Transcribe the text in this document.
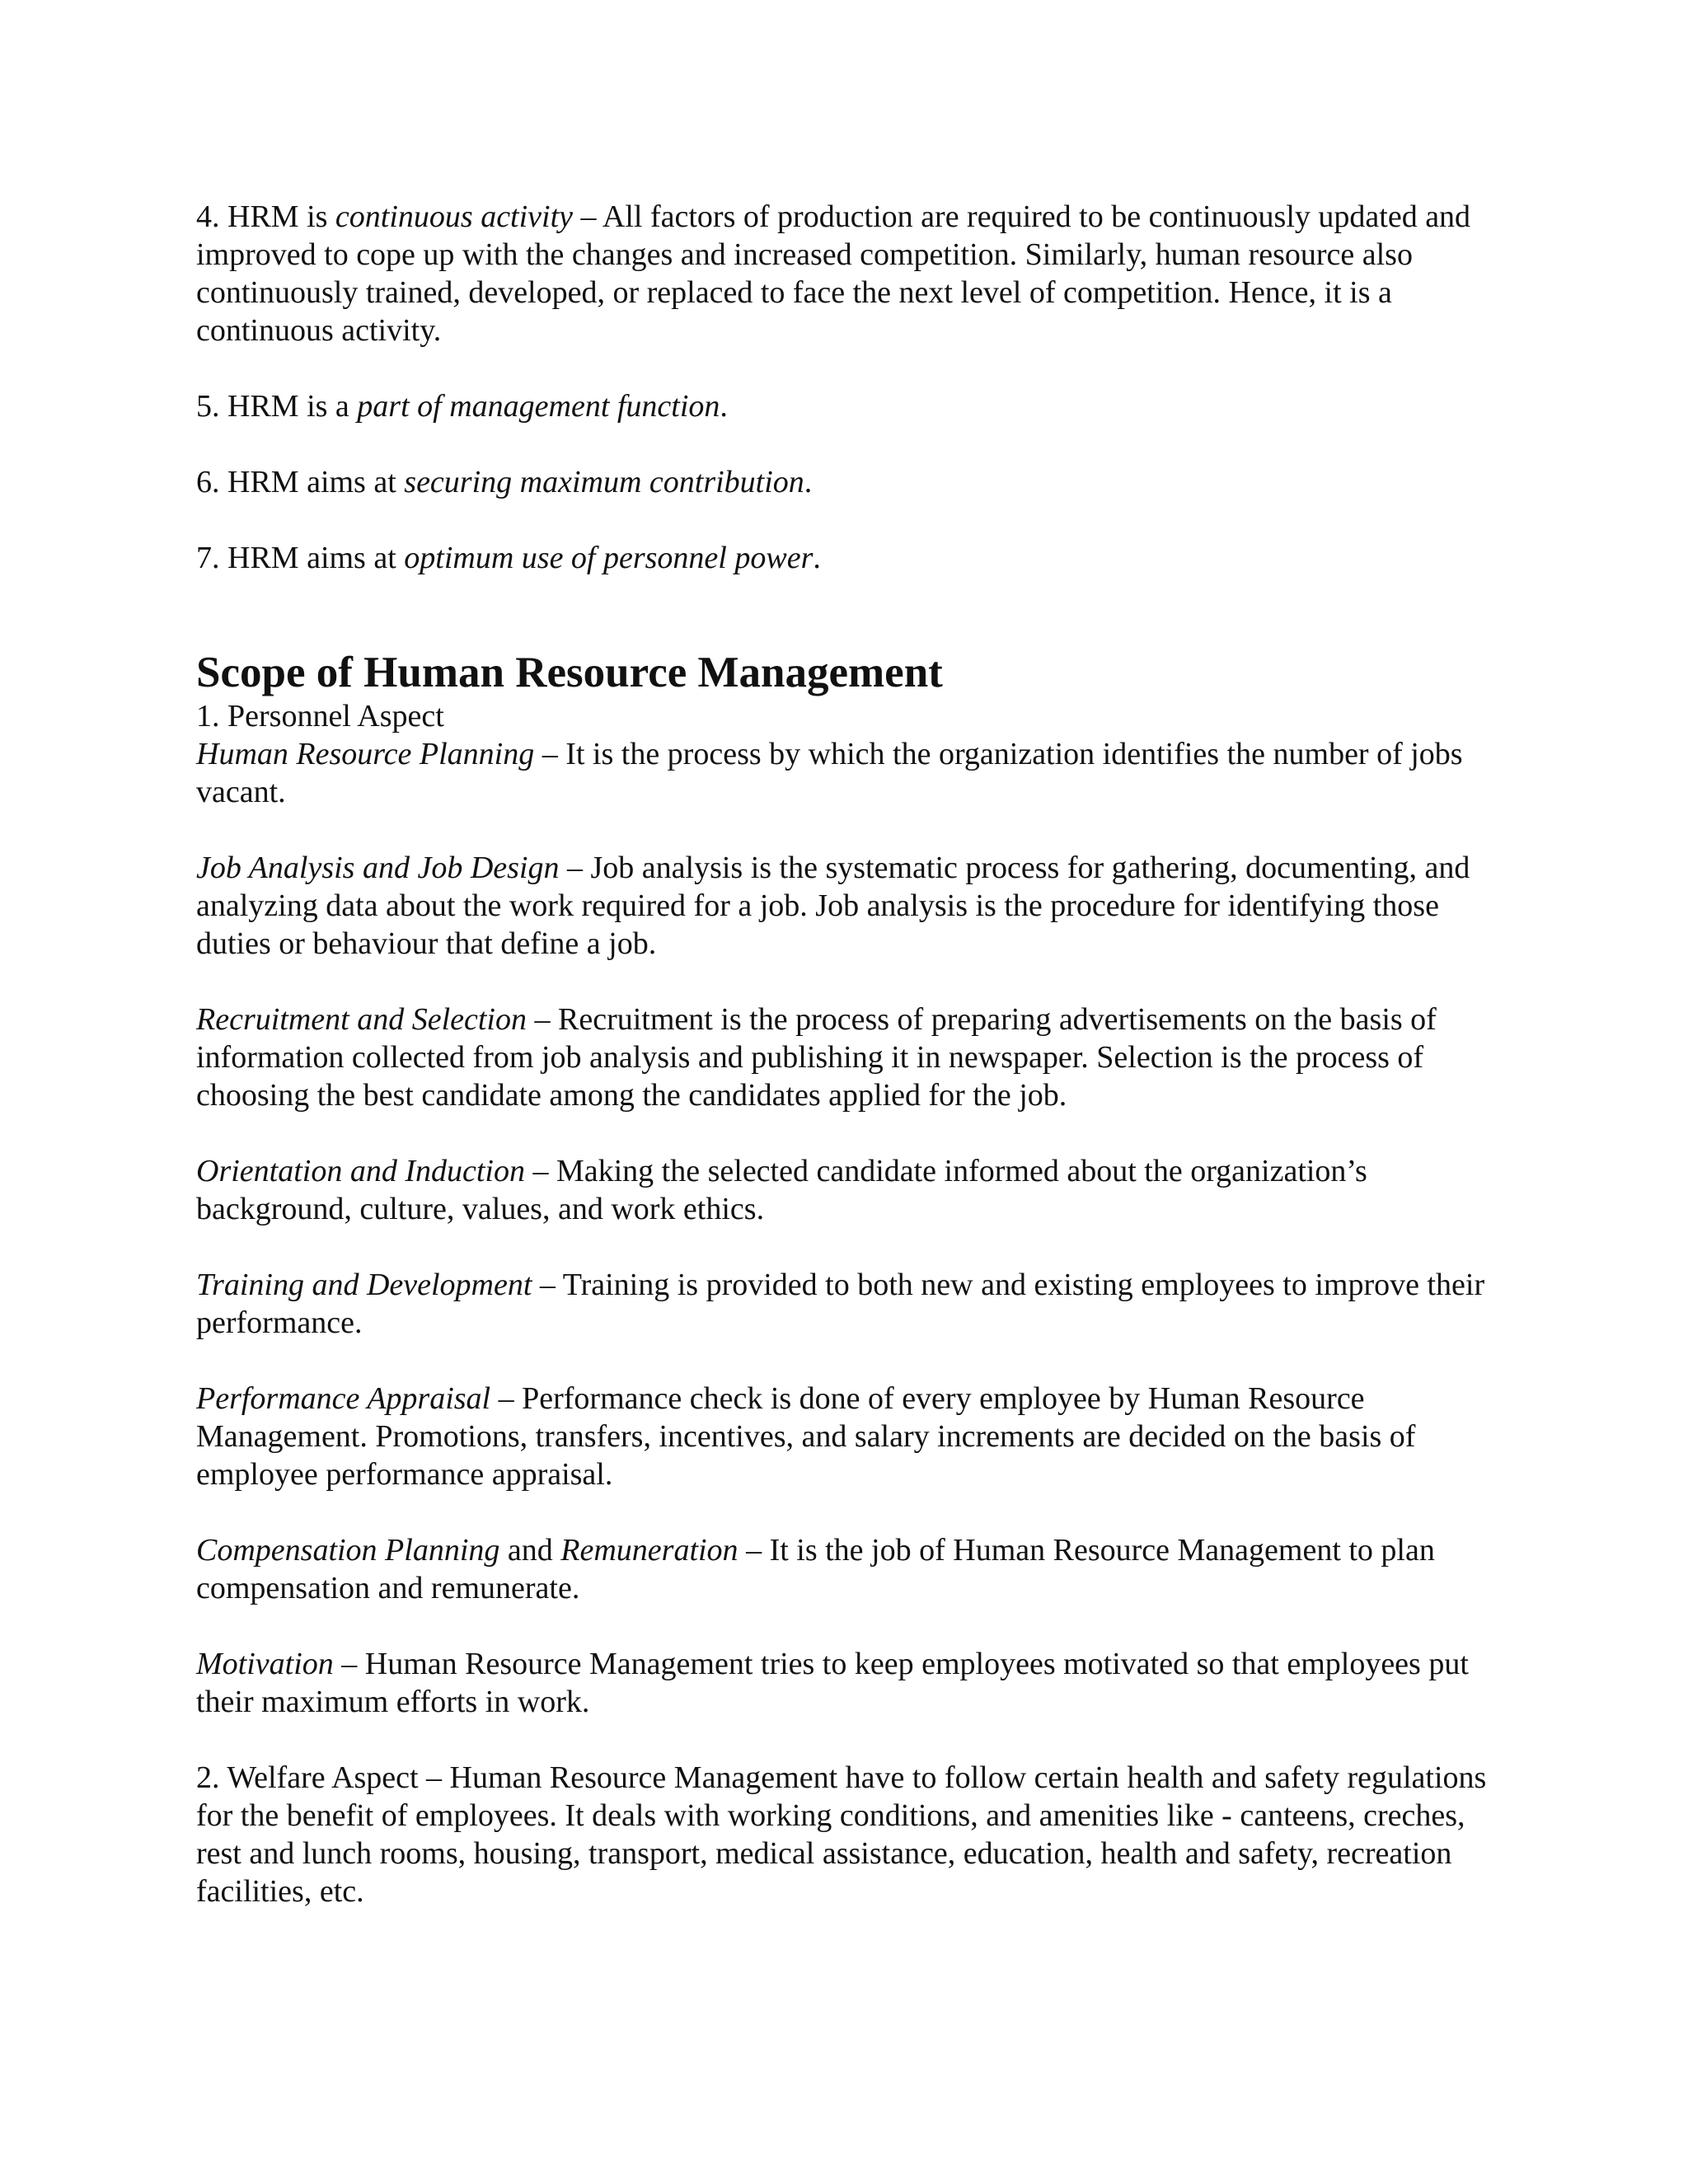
4. HRM is continuous activity – All factors of production are required to be continuously updated and improved to cope up with the changes and increased competition. Similarly, human resource also continuously trained, developed, or replaced to face the next level of competition. Hence, it is a continuous activity.

5. HRM is a part of management function.

6. HRM aims at securing maximum contribution.

7. HRM aims at optimum use of personnel power.

Scope of Human Resource Management

1. Personnel Aspect

Human Resource Planning – It is the process by which the organization identifies the number of jobs vacant.

Job Analysis and Job Design – Job analysis is the systematic process for gathering, documenting, and analyzing data about the work required for a job. Job analysis is the procedure for identifying those duties or behaviour that define a job.

Recruitment and Selection – Recruitment is the process of preparing advertisements on the basis of information collected from job analysis and publishing it in newspaper. Selection is the process of choosing the best candidate among the candidates applied for the job.

Orientation and Induction – Making the selected candidate informed about the organization’s background, culture, values, and work ethics.

Training and Development – Training is provided to both new and existing employees to improve their performance.

Performance Appraisal – Performance check is done of every employee by Human Resource Management. Promotions, transfers, incentives, and salary increments are decided on the basis of employee performance appraisal.

Compensation Planning and Remuneration – It is the job of Human Resource Management to plan compensation and remunerate.

Motivation – Human Resource Management tries to keep employees motivated so that employees put their maximum efforts in work.

2. Welfare Aspect – Human Resource Management have to follow certain health and safety regulations for the benefit of employees. It deals with working conditions, and amenities like - canteens, creches, rest and lunch rooms, housing, transport, medical assistance, education, health and safety, recreation facilities, etc.
